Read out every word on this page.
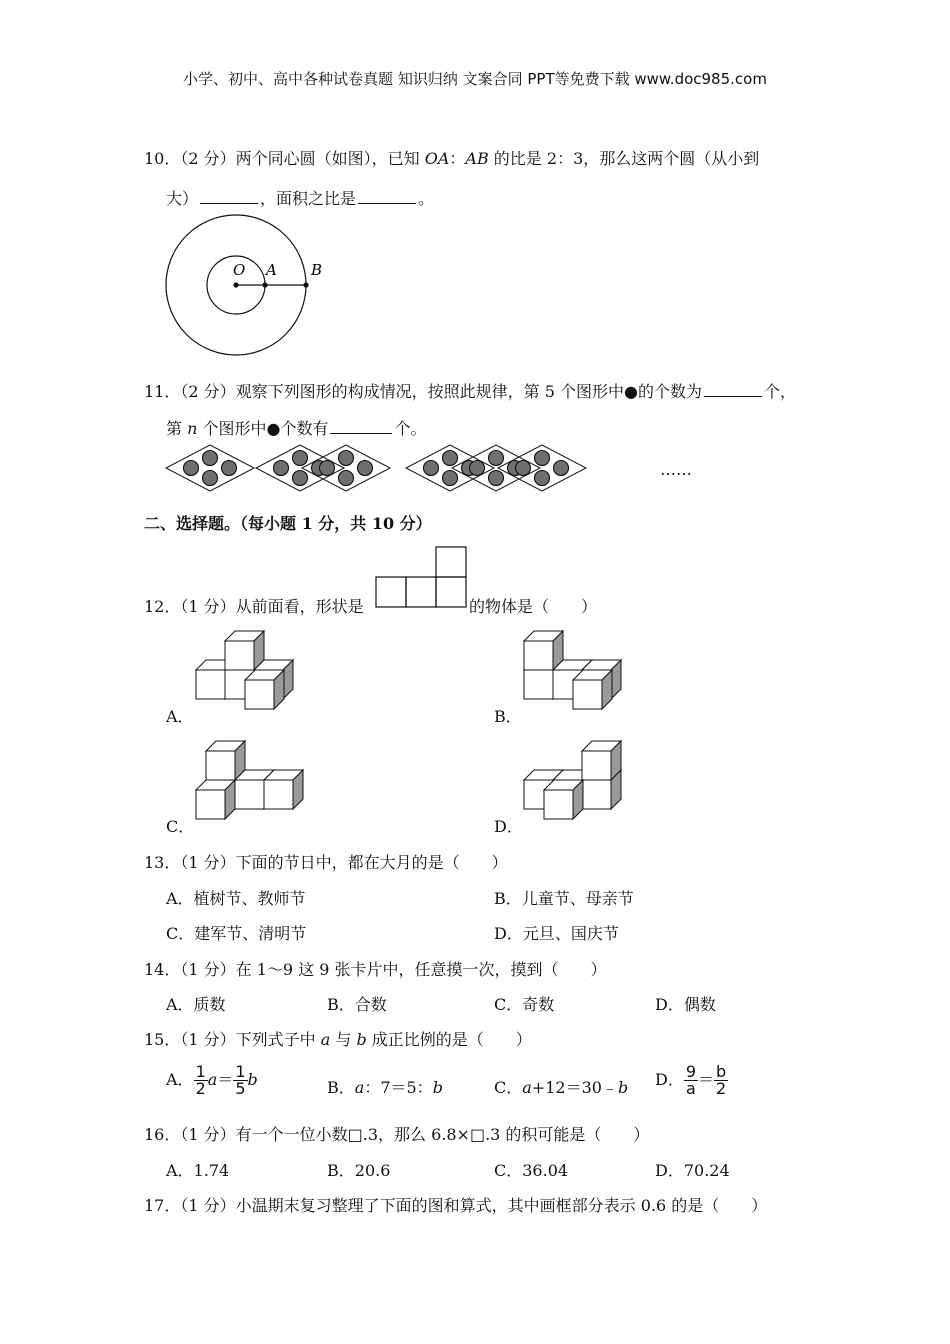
小学、初中、高中各种试卷真题 知识归纳 文案合同 PPT等免费下载 www.doc985.com
10．（2 分）两个同心圆（如图），已知 OA：AB 的比是 2：3，那么这两个圆（从小到
大）	，面积之比是	。
O A B
11．（2 分）观察下列图形的构成情况，按照此规律，第 5 个图形中●的个数为	个，
第 n 个图形中●个数有	个。
……
二、选择题。（每小题 1 分，共 10 分）
12．（1 分）从前面看，形状是	的物体是（　　）
A．	B．
C．	D．
13．（1 分）下面的节日中，都在大月的是（　　）
A．植树节、教师节	B．儿童节、母亲节
C．建军节、清明节	D．元旦、国庆节
14．（1 分）在 1～9 这 9 张卡片中，任意摸一次，摸到（　　）
A．质数	B．合数	C．奇数	D．偶数
15．（1 分）下列式子中 a 与 b 成正比例的是（　　）
A． $\frac{1}{2} a= \frac{1}{5}$ b	B．a：7＝5：b	C．a+12＝30﹣b D． $\frac{9}{a} = \frac{b}{2}$
16．（1 分）有一个一位小数□.3，那么 6.8×□.3 的积可能是（　　）
A．1.74	B．20.6	C．36.04	D．70.24
17．（1 分）小温期末复习整理了下面的图和算式，其中画框部分表示 0.6 的是（　　）
